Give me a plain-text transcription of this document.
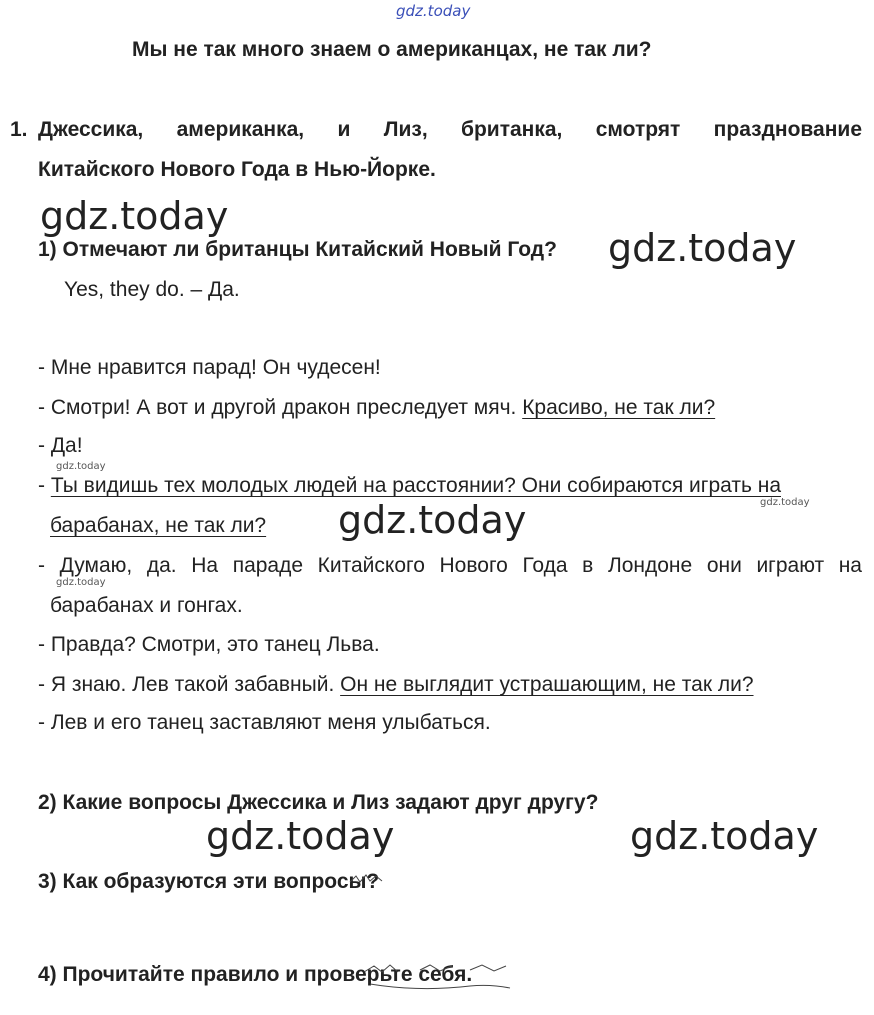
gdz.today
Мы не так много знаем о американцах, не так ли?
1. Джессика, американка, и Лиз, британка, смотрят празднование
Китайского Нового Года в Нью-Йорке.
gdz.today
1) Отмечают ли британцы Китайский Новый Год? gdz.today
Yes, they do. – Да.
- Мне нравится парад! Он чудесен!
- Смотри! А вот и другой дракон преследует мяч. Красиво, не так ли?
- Да!
gdz.today
- Ты видишь тех молодых людей на расстоянии? Они собираются играть на
gdz.today
барабанах, не так ли? gdz.today
- Думаю, да. На параде Китайского Нового Года в Лондоне они играют на
gdz.today
барабанах и гонгах.
- Правда? Смотри, это танец Льва.
- Я знаю. Лев такой забавный. Он не выглядит устрашающим, не так ли?
- Лев и его танец заставляют меня улыбаться.
2) Какие вопросы Джессика и Лиз задают друг другу?
gdz.today	gdz.today
3) Как образуются эти вопросы?
4) Прочитайте правило и проверьте себя.
